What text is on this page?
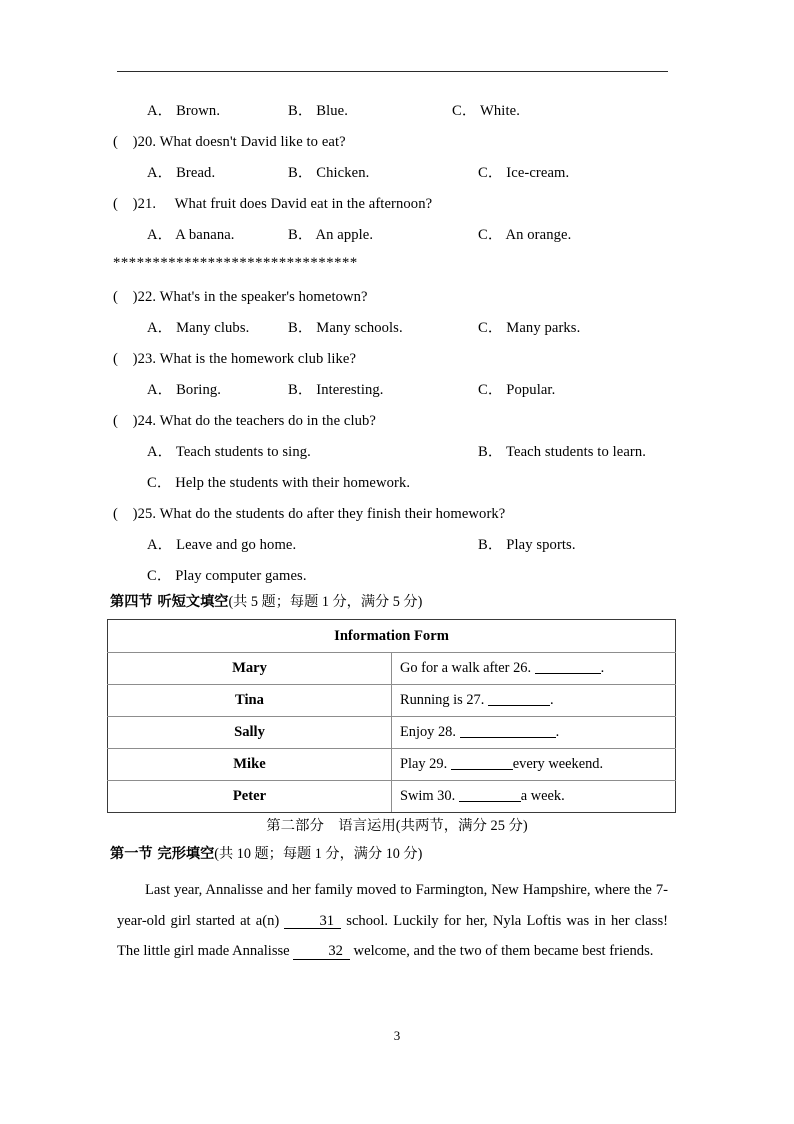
A． Brown.	B． Blue.	C． White.
(　)20. What doesn't David like to eat?
A． Bread.	B． Chicken.	C． Ice-cream.
(　)21. 　What fruit does David eat in the afternoon?
A． A banana.	B． An apple.	C． An orange.
*******************************
(　)22. What's in the speaker's hometown?
A． Many clubs.	B． Many schools.	C． Many parks.
(　)23. What is the homework club like?
A． Boring.	B． Interesting.	C． Popular.
(　)24. What do the teachers do in the club?
A． Teach students to sing.	B． Teach students to learn.
C． Help the students with their homework.
(　)25. What do the students do after they finish their homework?
A． Leave and go home.	B． Play sports.
C． Play computer games.
第四节 听短文填空(共 5 题；每题 1 分，满分 5 分)
Information Form	
Mary	Go for a walk after 26. .
Tina	Running is 27. .
Sally	Enjoy 28. .
Mike	Play 29. every weekend.
Peter	Swim 30. a week.
第二部分　语言运用(共两节，满分 25 分)
第一节 完形填空(共 10 题；每题 1 分，满分 10 分)
Last year, Annalisse and her family moved to Farmington, New Hampshire, where the 7-year-old girl started at a(n) 31 school. Luckily for her, Nyla Loftis was in her class! The little girl made Annalisse 32 welcome, and the two of them became best friends.
3
